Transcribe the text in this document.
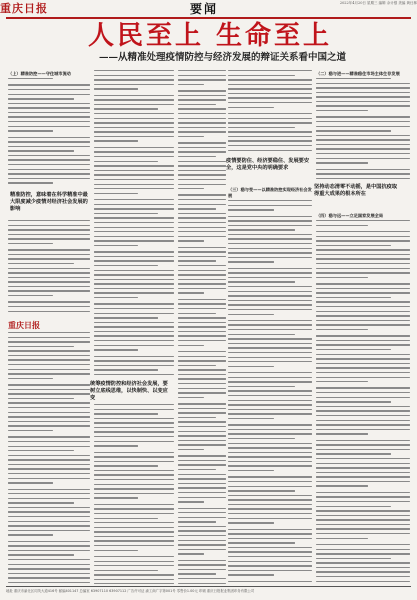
重庆日报	要闻	2022年4月20日 星期三 编辑 余计强 美编 黄仕林
人民至上 生命至上
——从精准处理疫情防控与经济发展的辩证关系看中国之道
（上）精准防控——守住城市流动
精准防控，意味着在科学精准中最大限度减少疫情对经济社会发展的影响
重庆日报
统筹疫情防控和经济社会发展，要树立底线思维，以快制快、以变应变
疫情要防住、经济要稳住、发展要安全，这是党中央的明确要求
（三）稳与变——以精准防控实现经济社会发展
（二）稳与进——精准稳住市场主体生存发展
坚持动态清零不动摇，是中国抗疫取得重大成果的根本所在
（四）稳与远——立足国家发展全局
地址 重庆市渝北区同茂大道416号 邮编401147 总编室 63907110 63907112 广告许可证 渝工商广字第001号 零售价1.00元 印刷 重庆日报报业集团印务有限公司
